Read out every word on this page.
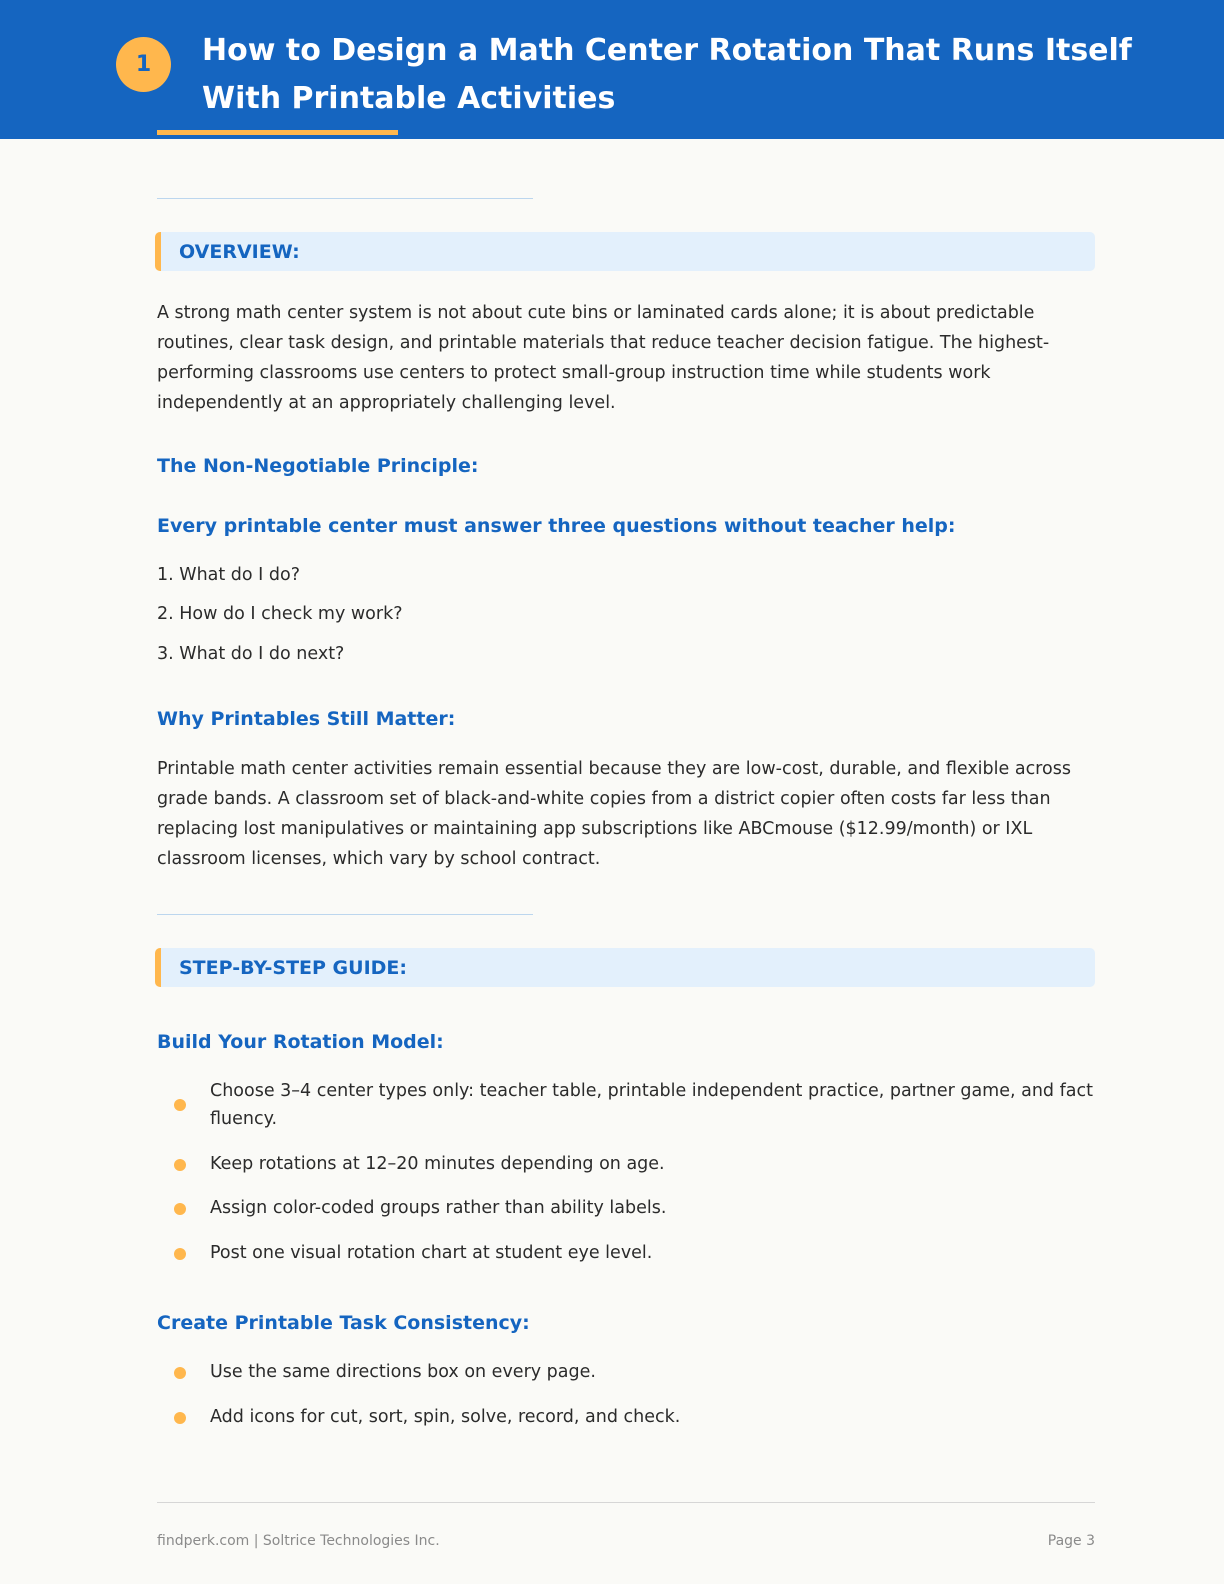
1	How to Design a Math Center Rotation That Runs Itself With Printable Activities
OVERVIEW:
A strong math center system is not about cute bins or laminated cards alone; it is about predictable routines, clear task design, and printable materials that reduce teacher decision fatigue. The highest-performing classrooms use centers to protect small-group instruction time while students work independently at an appropriately challenging level.
The Non-Negotiable Principle:
Every printable center must answer three questions without teacher help:
1. What do I do?
2. How do I check my work?
3. What do I do next?
Why Printables Still Matter:
Printable math center activities remain essential because they are low-cost, durable, and flexible across grade bands. A classroom set of black-and-white copies from a district copier often costs far less than replacing lost manipulatives or maintaining app subscriptions like ABCmouse ($12.99/month) or IXL classroom licenses, which vary by school contract.
STEP-BY-STEP GUIDE:
Build Your Rotation Model:
Choose 3–4 center types only: teacher table, printable independent practice, partner game, and fact fluency.
Keep rotations at 12–20 minutes depending on age.
Assign color-coded groups rather than ability labels.
Post one visual rotation chart at student eye level.
Create Printable Task Consistency:
Use the same directions box on every page.
Add icons for cut, sort, spin, solve, record, and check.
findperk.com | Soltrice Technologies Inc.	Page 3
